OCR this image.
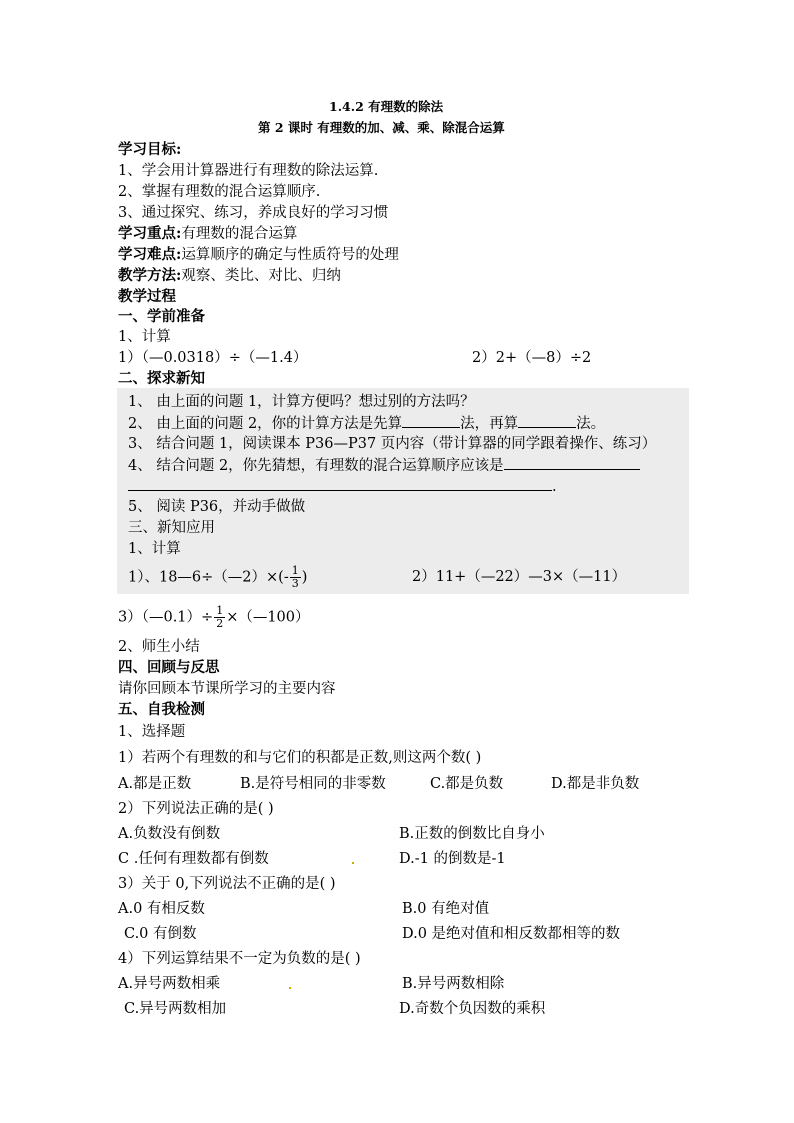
1.4.2 有理数的除法
第 2 课时 有理数的加、减、乘、除混合运算
学习目标:
1、学会用计算器进行有理数的除法运算.
2、掌握有理数的混合运算顺序.
3、通过探究、练习，养成良好的学习习惯
学习重点:有理数的混合运算
学习难点:运算顺序的确定与性质符号的处理
教学方法:观察、类比、对比、归纳
教学过程
一、学前准备
1、计算
1）（—0.0318）÷（—1.4）	2）2+（—8）÷2
二、探求新知
1、 由上面的问题 1，计算方便吗？想过别的方法吗？
2、 由上面的问题 2，你的计算方法是先算	法，再算	法。
3、 结合问题 1，阅读课本 P36—P37 页内容（带计算器的同学跟着操作、练习）
4、 结合问题 2，你先猜想，有理数的混合运算顺序应该是
.
5、 阅读 P36，并动手做做
三、新知应用
1、计算
1）、18—6÷（—2）×(- $\frac{1}{3}$ )	2）11+（—22）—3×（—11）
3）（—0.1）÷ $\frac{1}{2}$ ×（—100）
2、师生小结
四、回顾与反思
请你回顾本节课所学习的主要内容
五、自我检测
1、选择题
1）若两个有理数的和与它们的积都是正数,则这两个数( )
A.都是正数	B.是符号相同的非零数	C.都是负数	D.都是非负数
2）下列说法正确的是( )
A.负数没有倒数	B.正数的倒数比自身小
C .任何有理数都有倒数	D.-1 的倒数是-1
3）关于 0,下列说法不正确的是( )
A.0 有相反数	B.0 有绝对值
C.0 有倒数	D.0 是绝对值和相反数都相等的数
4）下列运算结果不一定为负数的是( )
A.异号两数相乘	B.异号两数相除
C.异号两数相加	D.奇数个负因数的乘积
